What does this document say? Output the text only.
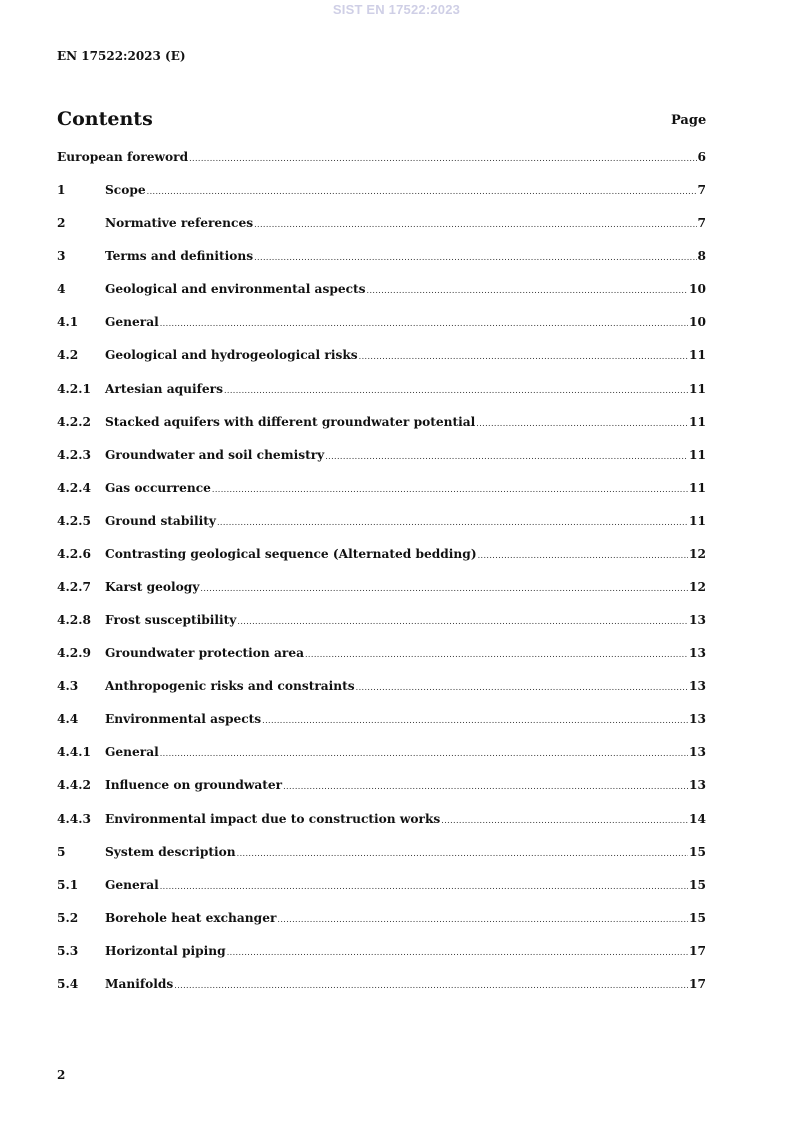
SIST EN 17522:2023
EN 17522:2023 (E)
Contents	Page
European foreword .....	6
1	Scope .....	7
2	Normative references .....	7
3	Terms and definitions .....	8
4	Geological and environmental aspects .....	10
4.1	General .....	10
4.2	Geological and hydrogeological risks .....	11
4.2.1	Artesian aquifers .....	11
4.2.2	Stacked aquifers with different groundwater potential .....	11
4.2.3	Groundwater and soil chemistry .....	11
4.2.4	Gas occurrence .....	11
4.2.5	Ground stability .....	11
4.2.6	Contrasting geological sequence (Alternated bedding) .....	12
4.2.7	Karst geology .....	12
4.2.8	Frost susceptibility .....	13
4.2.9	Groundwater protection area .....	13
4.3	Anthropogenic risks and constraints .....	13
4.4	Environmental aspects .....	13
4.4.1	General .....	13
4.4.2	Influence on groundwater .....	13
4.4.3	Environmental impact due to construction works .....	14
5	System description .....	15
5.1	General .....	15
5.2	Borehole heat exchanger .....	15
5.3	Horizontal piping .....	17
5.4	Manifolds .....	17
2
